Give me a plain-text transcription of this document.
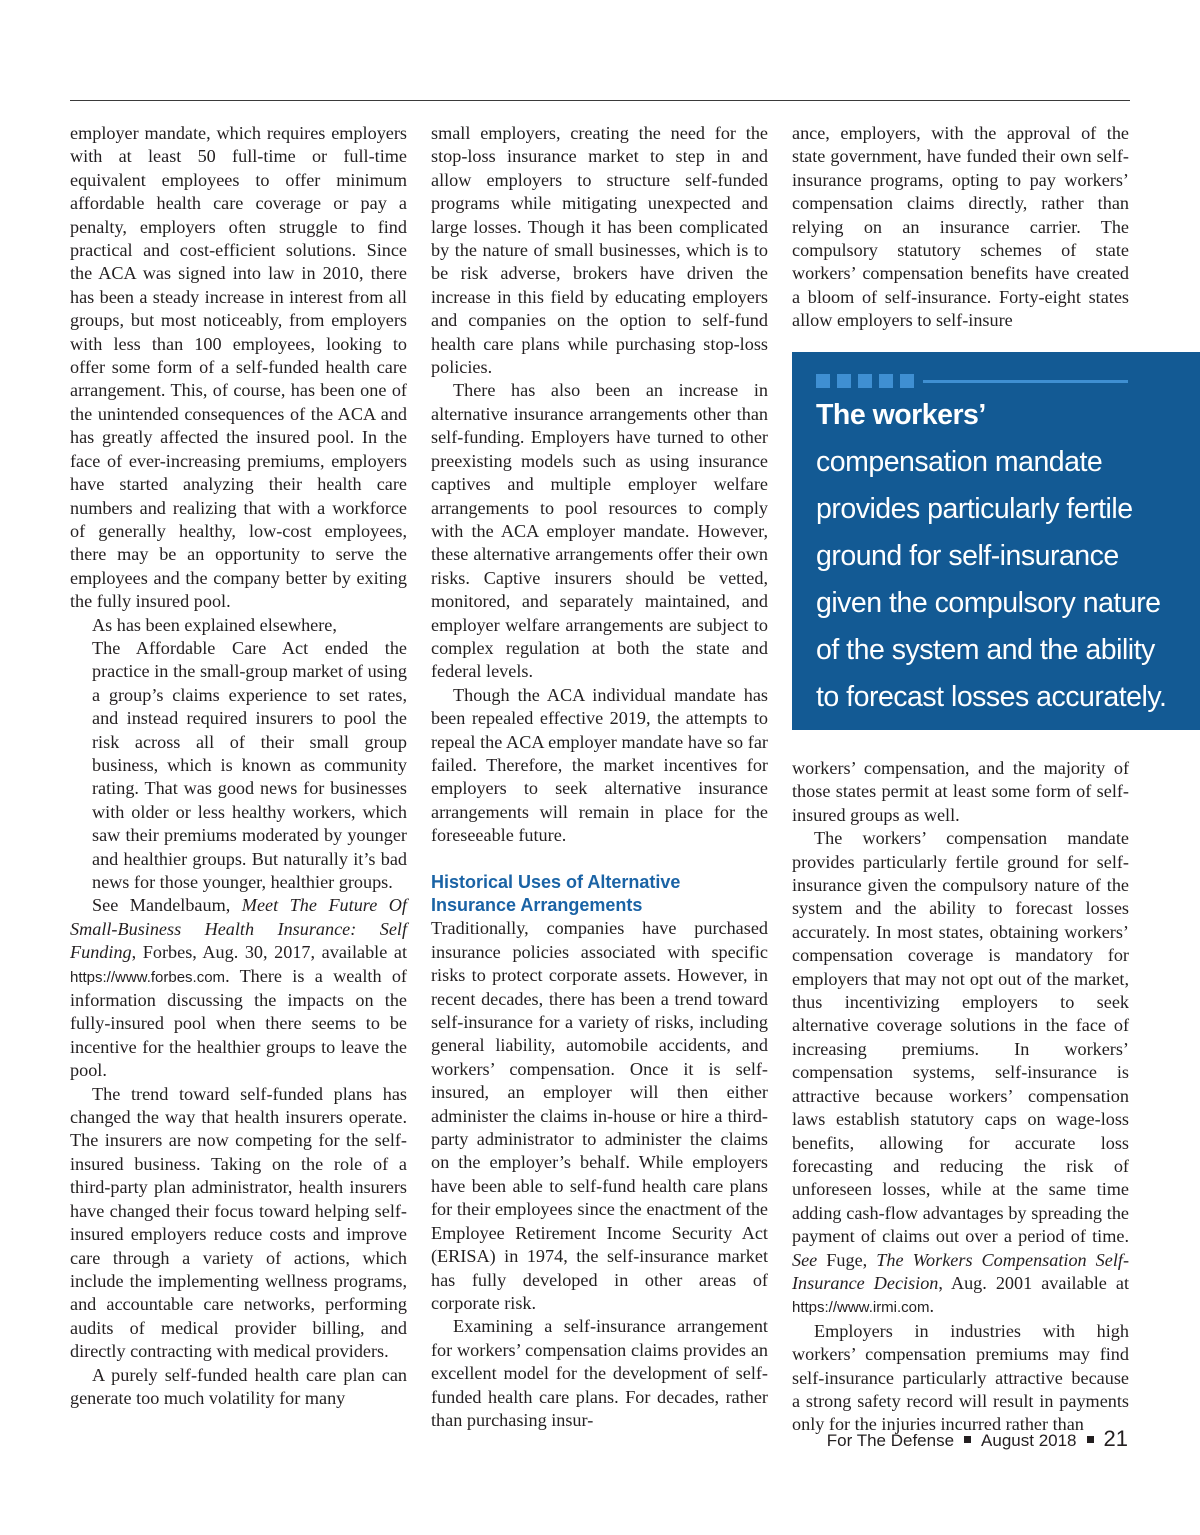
employer mandate, which requires employers with at least 50 full-time or full-time equivalent employees to offer minimum affordable health care coverage or pay a penalty, employers often struggle to find practical and cost-efficient solutions. Since the ACA was signed into law in 2010, there has been a steady increase in interest from all groups, but most noticeably, from employers with less than 100 employees, looking to offer some form of a self-funded health care arrangement. This, of course, has been one of the unintended consequences of the ACA and has greatly affected the insured pool. In the face of ever-increasing premiums, employers have started analyzing their health care numbers and realizing that with a workforce of generally healthy, low-cost employees, there may be an opportunity to serve the employees and the company better by exiting the fully insured pool.

As has been explained elsewhere,

The Affordable Care Act ended the practice in the small-group market of using a group’s claims experience to set rates, and instead required insurers to pool the risk across all of their small group business, which is known as community rating. That was good news for businesses with older or less healthy workers, which saw their premiums moderated by younger and healthier groups. But naturally it’s bad news for those younger, healthier groups.

See Mandelbaum, Meet The Future Of Small-Business Health Insurance: Self Funding, Forbes, Aug. 30, 2017, available at https://www.forbes.com. There is a wealth of information discussing the impacts on the fully-insured pool when there seems to be incentive for the healthier groups to leave the pool.

The trend toward self-funded plans has changed the way that health insurers operate. The insurers are now competing for the self-insured business. Taking on the role of a third-party plan administrator, health insurers have changed their focus toward helping self-insured employers reduce costs and improve care through a variety of actions, which include the implementing wellness programs, and accountable care networks, performing audits of medical provider billing, and directly contracting with medical providers.

A purely self-funded health care plan can generate too much volatility for many

small employers, creating the need for the stop-loss insurance market to step in and allow employers to structure self-funded programs while mitigating unexpected and large losses. Though it has been complicated by the nature of small businesses, which is to be risk adverse, brokers have driven the increase in this field by educating employers and companies on the option to self-fund health care plans while purchasing stop-loss policies.

There has also been an increase in alternative insurance arrangements other than self-funding. Employers have turned to other preexisting models such as using insurance captives and multiple employer welfare arrangements to pool resources to comply with the ACA employer mandate. However, these alternative arrangements offer their own risks. Captive insurers should be vetted, monitored, and separately maintained, and employer welfare arrangements are subject to complex regulation at both the state and federal levels.

Though the ACA individual mandate has been repealed effective 2019, the attempts to repeal the ACA employer mandate have so far failed. Therefore, the market incentives for employers to seek alternative insurance arrangements will remain in place for the foreseeable future.

Historical Uses of Alternative Insurance Arrangements

Traditionally, companies have purchased insurance policies associated with specific risks to protect corporate assets. However, in recent decades, there has been a trend toward self-insurance for a variety of risks, including general liability, automobile accidents, and workers’ compensation. Once it is self-insured, an employer will then either administer the claims in-house or hire a third-party administrator to administer the claims on the employer’s behalf. While employers have been able to self-fund health care plans for their employees since the enactment of the Employee Retirement Income Security Act (ERISA) in 1974, the self-insurance market has fully developed in other areas of corporate risk.

Examining a self-insurance arrangement for workers’ compensation claims provides an excellent model for the development of self-funded health care plans. For decades, rather than purchasing insur-

ance, employers, with the approval of the state government, have funded their own self-insurance programs, opting to pay workers’ compensation claims directly, rather than relying on an insurance carrier. The compulsory statutory schemes of state workers’ compensation benefits have created a bloom of self-insurance. Forty-eight states allow employers to self-insure

The workers’
compensation mandate
provides particularly fertile
ground for self-insurance
given the compulsory nature
of the system and the ability
to forecast losses accurately.

workers’ compensation, and the majority of those states permit at least some form of self-insured groups as well.

The workers’ compensation mandate provides particularly fertile ground for self-insurance given the compulsory nature of the system and the ability to forecast losses accurately. In most states, obtaining workers’ compensation coverage is mandatory for employers that may not opt out of the market, thus incentivizing employers to seek alternative coverage solutions in the face of increasing premiums. In workers’ compensation systems, self-insurance is attractive because workers’ compensation laws establish statutory caps on wage-loss benefits, allowing for accurate loss forecasting and reducing the risk of unforeseen losses, while at the same time adding cash-flow advantages by spreading the payment of claims out over a period of time. See Fuge, The Workers Compensation Self-Insurance Decision, Aug. 2001 available at https://www.irmi.com.

Employers in industries with high workers’ compensation premiums may find self-insurance particularly attractive because a strong safety record will result in payments only for the injuries incurred rather than

For The Defense August 2018 21
